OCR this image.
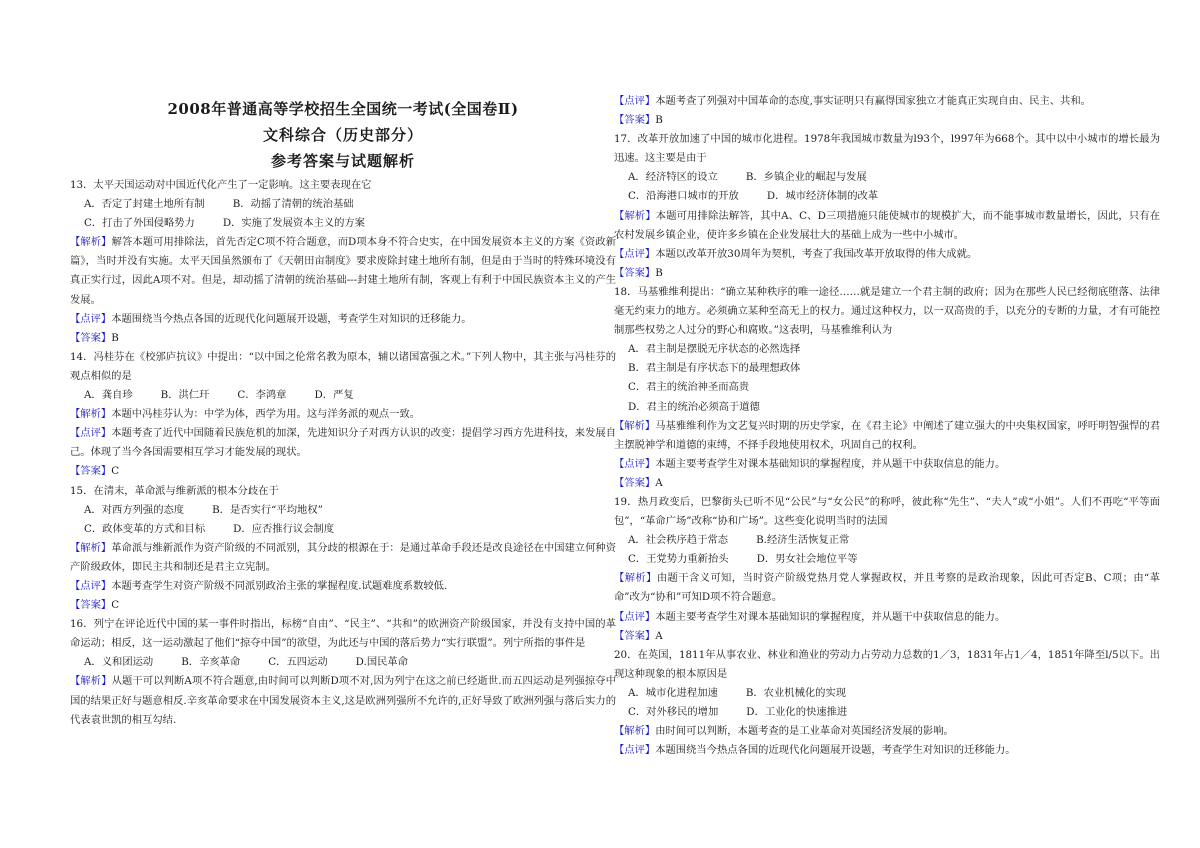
2008年普通高等学校招生全国统一考试(全国卷Ⅱ)
文科综合（历史部分）
参考答案与试题解析

13．太平天国运动对中国近代化产生了一定影响。这主要表现在它

A．否定了封建土地所有制	B．动摇了清朝的统治基础
C．打击了外国侵略势力	D．实施了发展资本主义的方案

【解析】解答本题可用排除法，首先否定C项不符合题意，而D项本身不符合史实，在中国发展资本主义的方案《资政新篇》，当时并没有实施。太平天国虽然颁布了《天朝田亩制度》要求废除封建土地所有制，但是由于当时的特殊环境没有真正实行过，因此A项不对。但是，却动摇了清朝的统治基础---封建土地所有制，客观上有利于中国民族资本主义的产生发展。

【点评】本题围绕当今热点各国的近现代化问题展开设题，考查学生对知识的迁移能力。

【答案】B

14．冯桂芬在《校邠庐抗议》中提出：“以中国之伦常名教为原本，辅以诸国富强之术。”下列人物中，其主张与冯桂芬的观点相似的是

A．龚自珍	B．洪仁玕	C．李鸿章	D．严复

【解析】本题中冯桂芬认为：中学为体，西学为用。这与洋务派的观点一致。

【点评】本题考查了近代中国随着民族危机的加深，先进知识分子对西方认识的改变：提倡学习西方先进科技，来发展自己。体现了当今各国需要相互学习才能发展的现状。

【答案】C

15．在清末，革命派与维新派的根本分歧在于

A．对西方列强的态度	B．是否实行“平均地权”
C．政体变革的方式和目标	D．应否推行议会制度

【解析】革命派与维新派作为资产阶级的不同派别，其分歧的根源在于：是通过革命手段还是改良途径在中国建立何种资产阶级政体，即民主共和制还是君主立宪制。

【点评】本题考查学生对资产阶级不同派别政治主张的掌握程度.试题难度系数较低.

【答案】C

16．列宁在评论近代中国的某一事件时指出，标榜“自由”、“民主”、“共和”的欧洲资产阶级国家，并没有支持中国的革命运动；相反，这一运动激起了他们“掠夺中国”的欲望，为此还与中国的落后势力“实行联盟”。列宁所指的事件是

A．义和团运动	B．辛亥革命	C．五四运动	D.国民革命

【解析】从题干可以判断A项不符合题意,由时间可以判断D项不对,因为列宁在这之前已经逝世.而五四运动是列强掠夺中国的结果正好与题意相反.辛亥革命要求在中国发展资本主义,这是欧洲列强所不允许的,正好导致了欧洲列强与落后实力的代表袁世凯的相互勾结.

【点评】本题考查了列强对中国革命的态度,事实证明只有赢得国家独立才能真正实现自由、民主、共和。

【答案】B

17．改革开放加速了中国的城市化进程。1978年我国城市数量为l93个，l997年为668个。其中以中小城市的增长最为迅速。这主要是由于

A．经济特区的设立	B．乡镇企业的崛起与发展
C．沿海港口城市的开放	D．城市经济体制的改革

【解析】本题可用排除法解答，其中A、C、D三项措施只能使城市的规模扩大，而不能事城市数量增长，因此，只有在农村发展乡镇企业，使许多乡镇在企业发展壮大的基础上成为一些中小城市。

【点评】本题以改革开放30周年为契机，考查了我国改革开放取得的伟大成就。

【答案】B

18．马基雅维利提出：“确立某种秩序的唯一途径……就是建立一个君主制的政府；因为在那些人民已经彻底堕落、法律毫无约束力的地方。必须确立某种至高无上的权力。通过这种权力，以一双高贵的手，以充分的专断的力量，才有可能控制那些权势之人过分的野心和腐败。”这表明，马基雅维利认为

A．君主制是摆脱无序状态的必然选择
B．君主制是有序状态下的最理想政体
C．君主的统治神圣而高贵
D．君主的统治必须高于道德

【解析】马基雅维利作为文艺复兴时期的历史学家，在《君主论》中阐述了建立强大的中央集权国家，呼吁明智强悍的君主摆脱神学和道德的束缚，不择手段地使用权术，巩固自己的权利。

【点评】本题主要考查学生对课本基础知识的掌握程度，并从题干中获取信息的能力。

【答案】A

19．热月政变后，巴黎街头已听不见“公民”与“女公民”的称呼，彼此称“先生”、“夫人”或“小姐”。人们不再吃“平等面包”，“革命广场”改称“协和广场”。这些变化说明当时的法国

A．社会秩序趋于常态	B.经济生活恢复正常
C．王党势力重新抬头	D．男女社会地位平等

【解析】由题干含义可知，当时资产阶级党热月党人掌握政权，并且考察的是政治现象，因此可否定B、C项；由“革命”改为“协和”可知D项不符合题意。

【点评】本题主要考查学生对课本基础知识的掌握程度，并从题干中获取信息的能力。

【答案】A

20．在英国，1811年从事农业、林业和渔业的劳动力占劳动力总数的1／3，1831年占1／4，1851年降至l/5以下。出现这种现象的根本原因是

A．城市化进程加速	B．农业机械化的实现
C．对外移民的增加	D．工业化的快速推进

【解析】由时间可以判断，本题考查的是工业革命对英国经济发展的影响。

【点评】本题围绕当今热点各国的近现代化问题展开设题，考查学生对知识的迁移能力。
